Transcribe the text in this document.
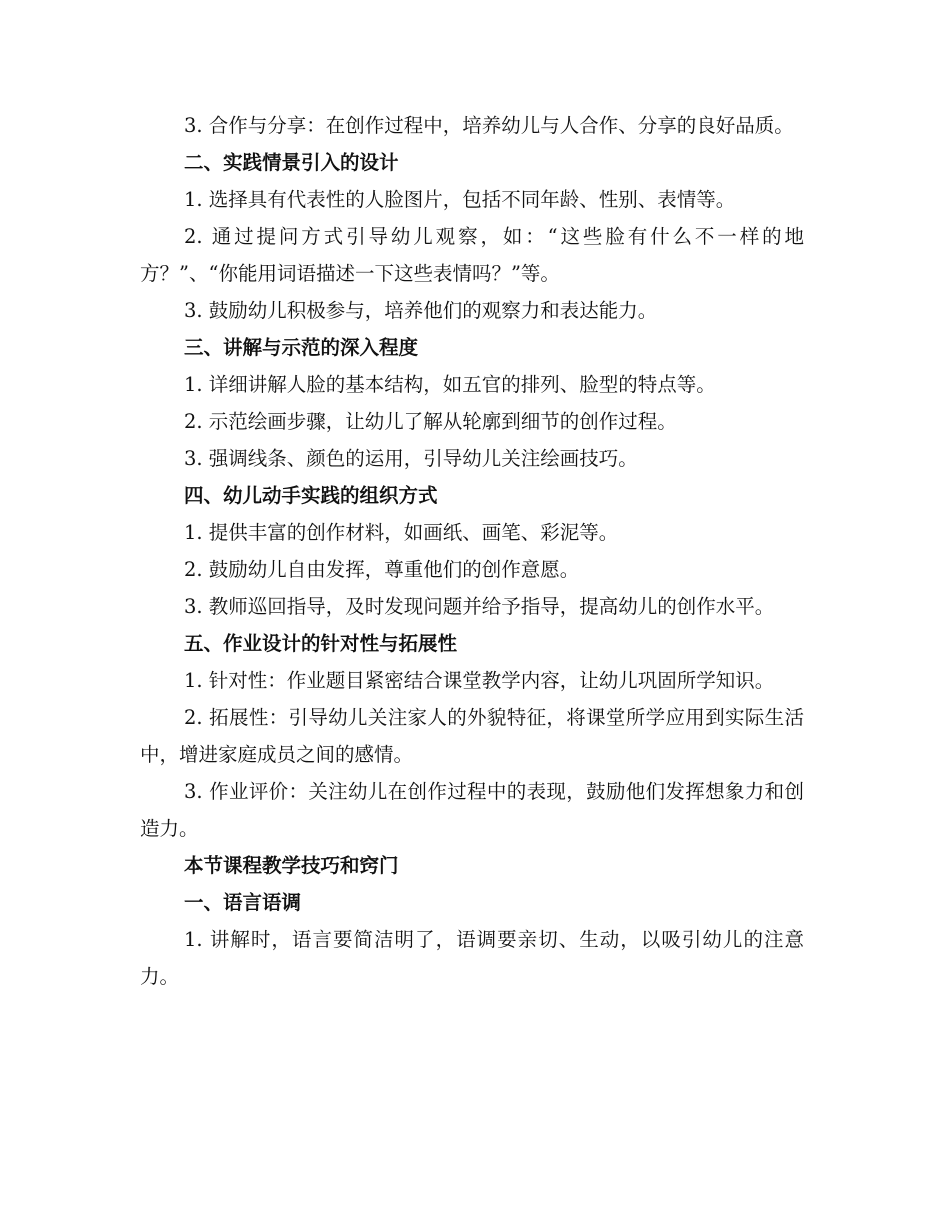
3. 合作与分享：在创作过程中，培养幼儿与人合作、分享的良好品质。

二、实践情景引入的设计

1. 选择具有代表性的人脸图片，包括不同年龄、性别、表情等。

2. 通过提问方式引导幼儿观察，如：“这些脸有什么不一样的地方？”、“你能用词语描述一下这些表情吗？”等。

3. 鼓励幼儿积极参与，培养他们的观察力和表达能力。

三、讲解与示范的深入程度

1. 详细讲解人脸的基本结构，如五官的排列、脸型的特点等。

2. 示范绘画步骤，让幼儿了解从轮廓到细节的创作过程。

3. 强调线条、颜色的运用，引导幼儿关注绘画技巧。

四、幼儿动手实践的组织方式

1. 提供丰富的创作材料，如画纸、画笔、彩泥等。

2. 鼓励幼儿自由发挥，尊重他们的创作意愿。

3. 教师巡回指导，及时发现问题并给予指导，提高幼儿的创作水平。

五、作业设计的针对性与拓展性

1. 针对性：作业题目紧密结合课堂教学内容，让幼儿巩固所学知识。

2. 拓展性：引导幼儿关注家人的外貌特征，将课堂所学应用到实际生活中，增进家庭成员之间的感情。

3. 作业评价：关注幼儿在创作过程中的表现，鼓励他们发挥想象力和创造力。

本节课程教学技巧和窍门

一、语言语调

1. 讲解时，语言要简洁明了，语调要亲切、生动，以吸引幼儿的注意力。
